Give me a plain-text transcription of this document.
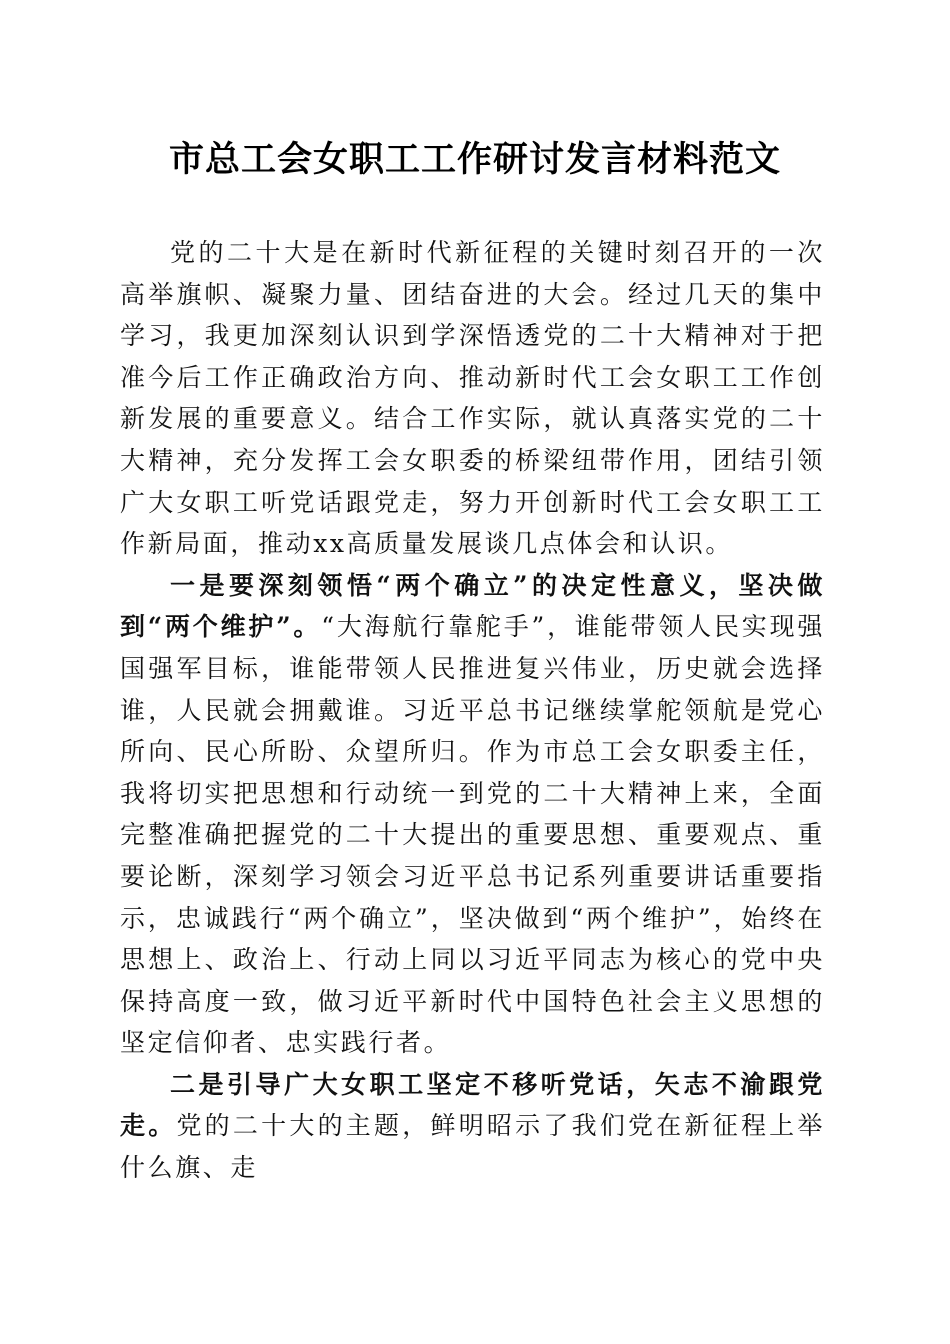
市总工会女职工工作研讨发言材料范文

党的二十大是在新时代新征程的关键时刻召开的一次高举旗帜、凝聚力量、团结奋进的大会。经过几天的集中学习，我更加深刻认识到学深悟透党的二十大精神对于把准今后工作正确政治方向、推动新时代工会女职工工作创新发展的重要意义。结合工作实际，就认真落实党的二十大精神，充分发挥工会女职委的桥梁纽带作用，团结引领广大女职工听党话跟党走，努力开创新时代工会女职工工作新局面，推动xx高质量发展谈几点体会和认识。

一是要深刻领悟“两个确立”的决定性意义，坚决做到“两个维护”。“大海航行靠舵手”，谁能带领人民实现强国强军目标，谁能带领人民推进复兴伟业，历史就会选择谁，人民就会拥戴谁。习近平总书记继续掌舵领航是党心所向、民心所盼、众望所归。作为市总工会女职委主任，我将切实把思想和行动统一到党的二十大精神上来，全面完整准确把握党的二十大提出的重要思想、重要观点、重要论断，深刻学习领会习近平总书记系列重要讲话重要指示，忠诚践行“两个确立”，坚决做到“两个维护”，始终在思想上、政治上、行动上同以习近平同志为核心的党中央保持高度一致，做习近平新时代中国特色社会主义思想的坚定信仰者、忠实践行者。

二是引导广大女职工坚定不移听党话，矢志不渝跟党走。党的二十大的主题，鲜明昭示了我们党在新征程上举什么旗、走
